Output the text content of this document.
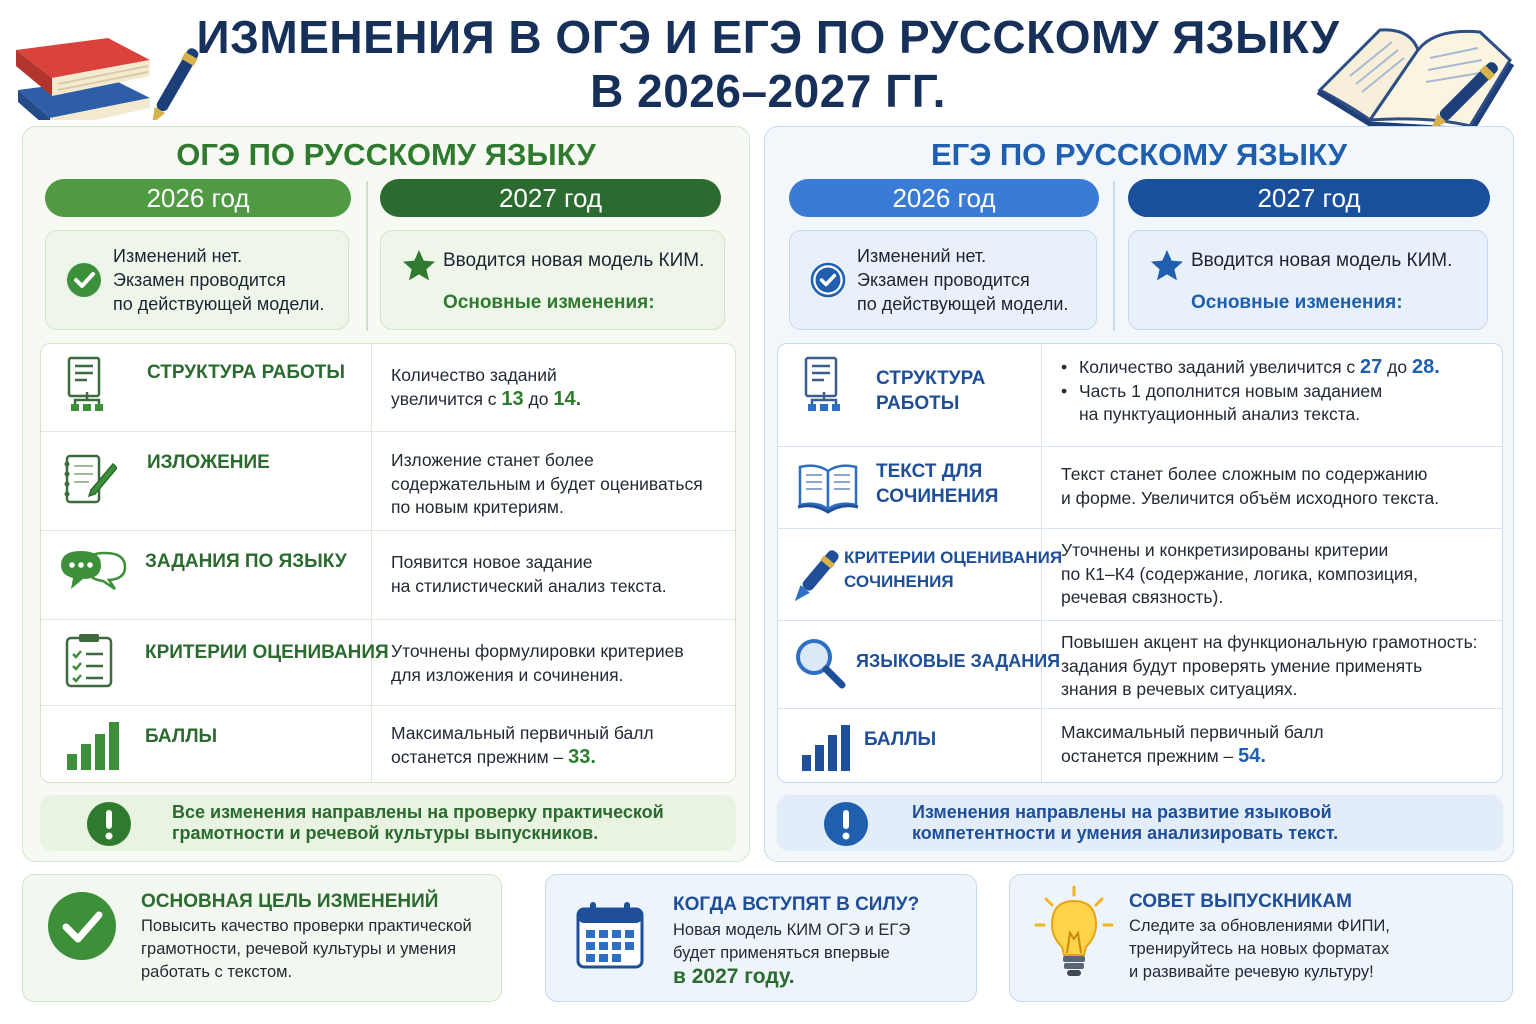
ИЗМЕНЕНИЯ В ОГЭ И ЕГЭ ПО РУССКОМУ ЯЗЫКУ
В 2026–2027 ГГ.
ОГЭ ПО РУССКОМУ ЯЗЫКУ
2026 год	2027 год
Изменений нет.
Экзамен проводится
по действующей модели.
Вводится новая модель КИМ.
Основные изменения:
СТРУКТУРА РАБОТЫ	Количество заданий
увеличится с 13 до 14.
ИЗЛОЖЕНИЕ	Изложение станет более
содержательным и будет оцениваться
по новым критериям.
ЗАДАНИЯ ПО ЯЗЫКУ	Появится новое задание
на стилистический анализ текста.
КРИТЕРИИ ОЦЕНИВАНИЯ Уточнены формулировки критериев
для изложения и сочинения.
БАЛЛЫ	Максимальный первичный балл
останется прежним – 33.
Все изменения направлены на проверку практической
грамотности и речевой культуры выпускников.
ЕГЭ ПО РУССКОМУ ЯЗЫКУ
2026 год	2027 год
Изменений нет.
Экзамен проводится
по действующей модели.
Вводится новая модель КИМ.
Основные изменения:
СТРУКТУРА
РАБОТЫ
• Количество заданий увеличится с 27 до 28.
• Часть 1 дополнится новым заданием
на пунктуационный анализ текста.
ТЕКСТ ДЛЯ
СОЧИНЕНИЯ
Текст станет более сложным по содержанию
и форме. Увеличится объём исходного текста.
КРИТЕРИИ ОЦЕНИВАНИЯ
СОЧИНЕНИЯ
Уточнены и конкретизированы критерии
по К1–К4 (содержание, логика, композиция,
речевая связность).
ЯЗЫКОВЫЕ ЗАДАНИЯ
Повышен акцент на функциональную грамотность:
задания будут проверять умение применять
знания в речевых ситуациях.
БАЛЛЫ	Максимальный первичный балл
останется прежним – 54.
Изменения направлены на развитие языковой
компетентности и умения анализировать текст.
ОСНОВНАЯ ЦЕЛЬ ИЗМЕНЕНИЙ
Повысить качество проверки практической
грамотности, речевой культуры и умения
работать с текстом.
КОГДА ВСТУПЯТ В СИЛУ?
Новая модель КИМ ОГЭ и ЕГЭ
будет применяться впервые
в 2027 году.
СОВЕТ ВЫПУСКНИКАМ
Следите за обновлениями ФИПИ,
тренируйтесь на новых форматах
и развивайте речевую культуру!
